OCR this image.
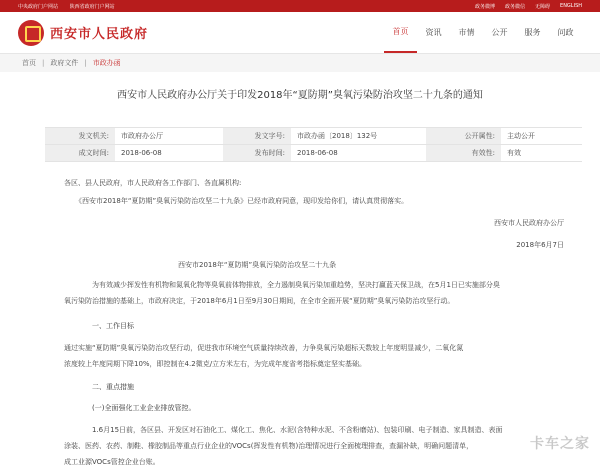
中央政府门户网站 陕西省政府门户网站	政务微博 政务微信 无障碍 ENGLISH
西安市人民政府	首页	资讯	市情	公开	服务	问政
首页 | 政府文件 | 市政办函
西安市人民政府办公厅关于印发2018年“夏防期”臭氧污染防治攻坚二十九条的通知
发文机关:	市政府办公厅	发文字号:	市政办函〔2018〕132号	公开属性:	主动公开
成文时间:	2018-06-08	发布时间:	2018-06-08	有效性:	有效
各区、县人民政府，市人民政府各工作部门、各直属机构:
《西安市2018年“夏防期”臭氧污染防治攻坚二十九条》已经市政府同意，现印发给你们，请认真贯彻落实。
西安市人民政府办公厅
2018年6月7日
西安市2018年“夏防期”臭氧污染防治攻坚二十九条
为有效减少挥发性有机物和氮氧化物等臭氧前体物排放，全力遏制臭氧污染加重趋势，坚决打赢蓝天保卫战，在5月1日已实施部分臭
氧污染防治措施的基础上，市政府决定，于2018年6月1日至9月30日期间，在全市全面开展“夏防期”臭氧污染防治攻坚行动。
一、工作目标
通过实施“夏防期”臭氧污染防治攻坚行动，促进我市环境空气质量持续改善，力争臭氧污染超标天数较上年度明显减少，二氧化氮
浓度较上年度同期下降10%，即控制在4.2微克/立方米左右，为完成年度省考指标奠定坚实基础。
二、重点措施
(一)全面强化工业企业排放管控。
1.6月15日前，各区县、开发区对石油化工、煤化工、焦化、水泥(含特种水泥、不含粉磨站)、包装印刷、电子制造、家具制造、表面
涂装、医药、农药、制鞋、橡胶制品等重点行业企业的VOCs(挥发性有机物)治理情况进行全面梳理排查，查漏补缺，明确问题清单，
成工业源VOCs管控企业台账。
卡车之家
